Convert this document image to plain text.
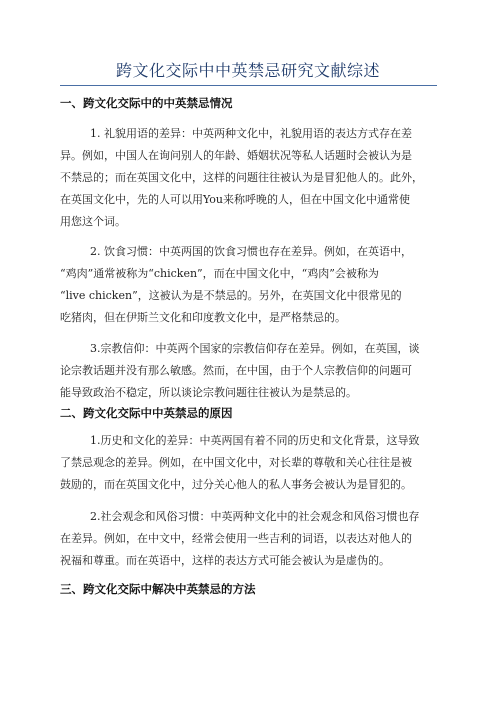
跨文化交际中中英禁忌研究文献综述
一、跨文化交际中的中英禁忌情况
1. 礼貌用语的差异：中英两种文化中，礼貌用语的表达方式存在差
异。例如，中国人在询问别人的年龄、婚姻状况等私人话题时会被认为是
不禁忌的；而在英国文化中，这样的问题往往被认为是冒犯他人的。此外，
在英国文化中，先的人可以用You来称呼晚的人，但在中国文化中通常使
用您这个词。
2. 饮食习惯：中英两国的饮食习惯也存在差异。例如，在英语中，
“鸡肉”通常被称为“chicken”，而在中国文化中，“鸡肉”会被称为
“live chicken”，这被认为是不禁忌的。另外，在英国文化中很常见的
吃猪肉，但在伊斯兰文化和印度教文化中，是严格禁忌的。
3.宗教信仰：中英两个国家的宗教信仰存在差异。例如，在英国，谈
论宗教话题并没有那么敏感。然而，在中国，由于个人宗教信仰的问题可
能导致政治不稳定，所以谈论宗教问题往往被认为是禁忌的。
二、跨文化交际中中英禁忌的原因
1.历史和文化的差异：中英两国有着不同的历史和文化背景，这导致
了禁忌观念的差异。例如，在中国文化中，对长辈的尊敬和关心往往是被
鼓励的，而在英国文化中，过分关心他人的私人事务会被认为是冒犯的。
2.社会观念和风俗习惯：中英两种文化中的社会观念和风俗习惯也存
在差异。例如，在中文中，经常会使用一些吉利的词语，以表达对他人的
祝福和尊重。而在英语中，这样的表达方式可能会被认为是虚伪的。
三、跨文化交际中解决中英禁忌的方法
